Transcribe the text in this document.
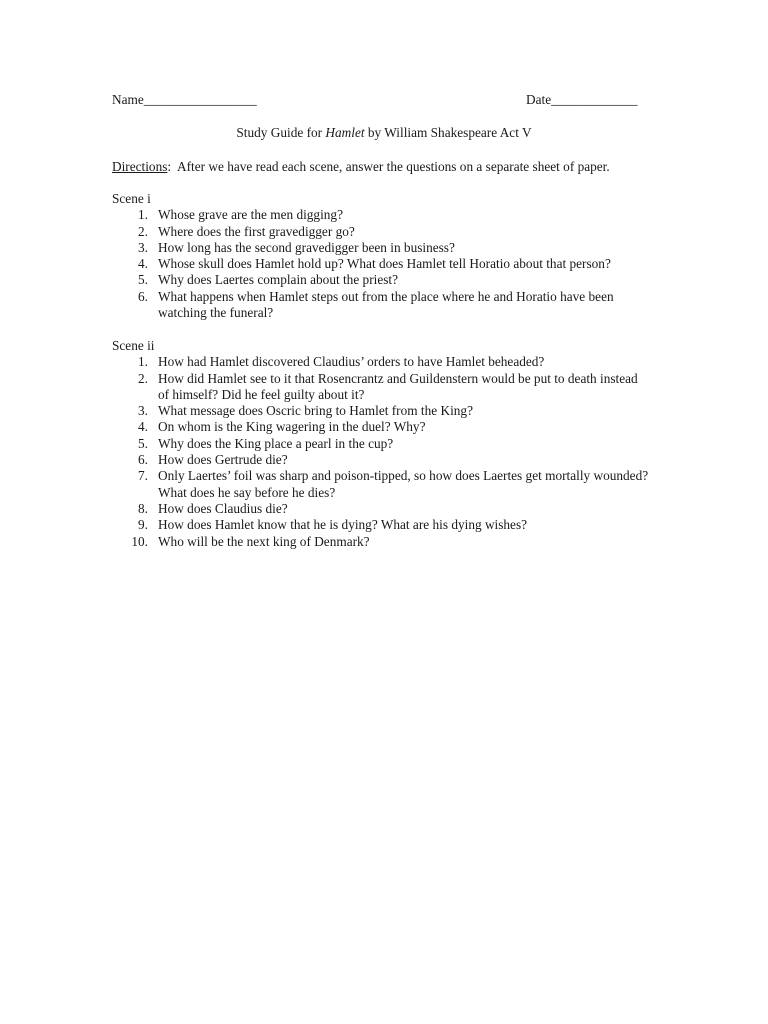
Name_________________	Date_____________
Study Guide for Hamlet by William Shakespeare Act V
Directions:  After we have read each scene, answer the questions on a separate sheet of paper.
Scene i
1. Whose grave are the men digging?
2. Where does the first gravedigger go?
3. How long has the second gravedigger been in business?
4. Whose skull does Hamlet hold up? What does Hamlet tell Horatio about that person?
5. Why does Laertes complain about the priest?
6. What happens when Hamlet steps out from the place where he and Horatio have been watching the funeral?
Scene ii
1. How had Hamlet discovered Claudius’ orders to have Hamlet beheaded?
2. How did Hamlet see to it that Rosencrantz and Guildenstern would be put to death instead of himself? Did he feel guilty about it?
3. What message does Oscric bring to Hamlet from the King?
4. On whom is the King wagering in the duel? Why?
5. Why does the King place a pearl in the cup?
6. How does Gertrude die?
7. Only Laertes’ foil was sharp and poison-tipped, so how does Laertes get mortally wounded? What does he say before he dies?
8. How does Claudius die?
9. How does Hamlet know that he is dying? What are his dying wishes?
10. Who will be the next king of Denmark?
